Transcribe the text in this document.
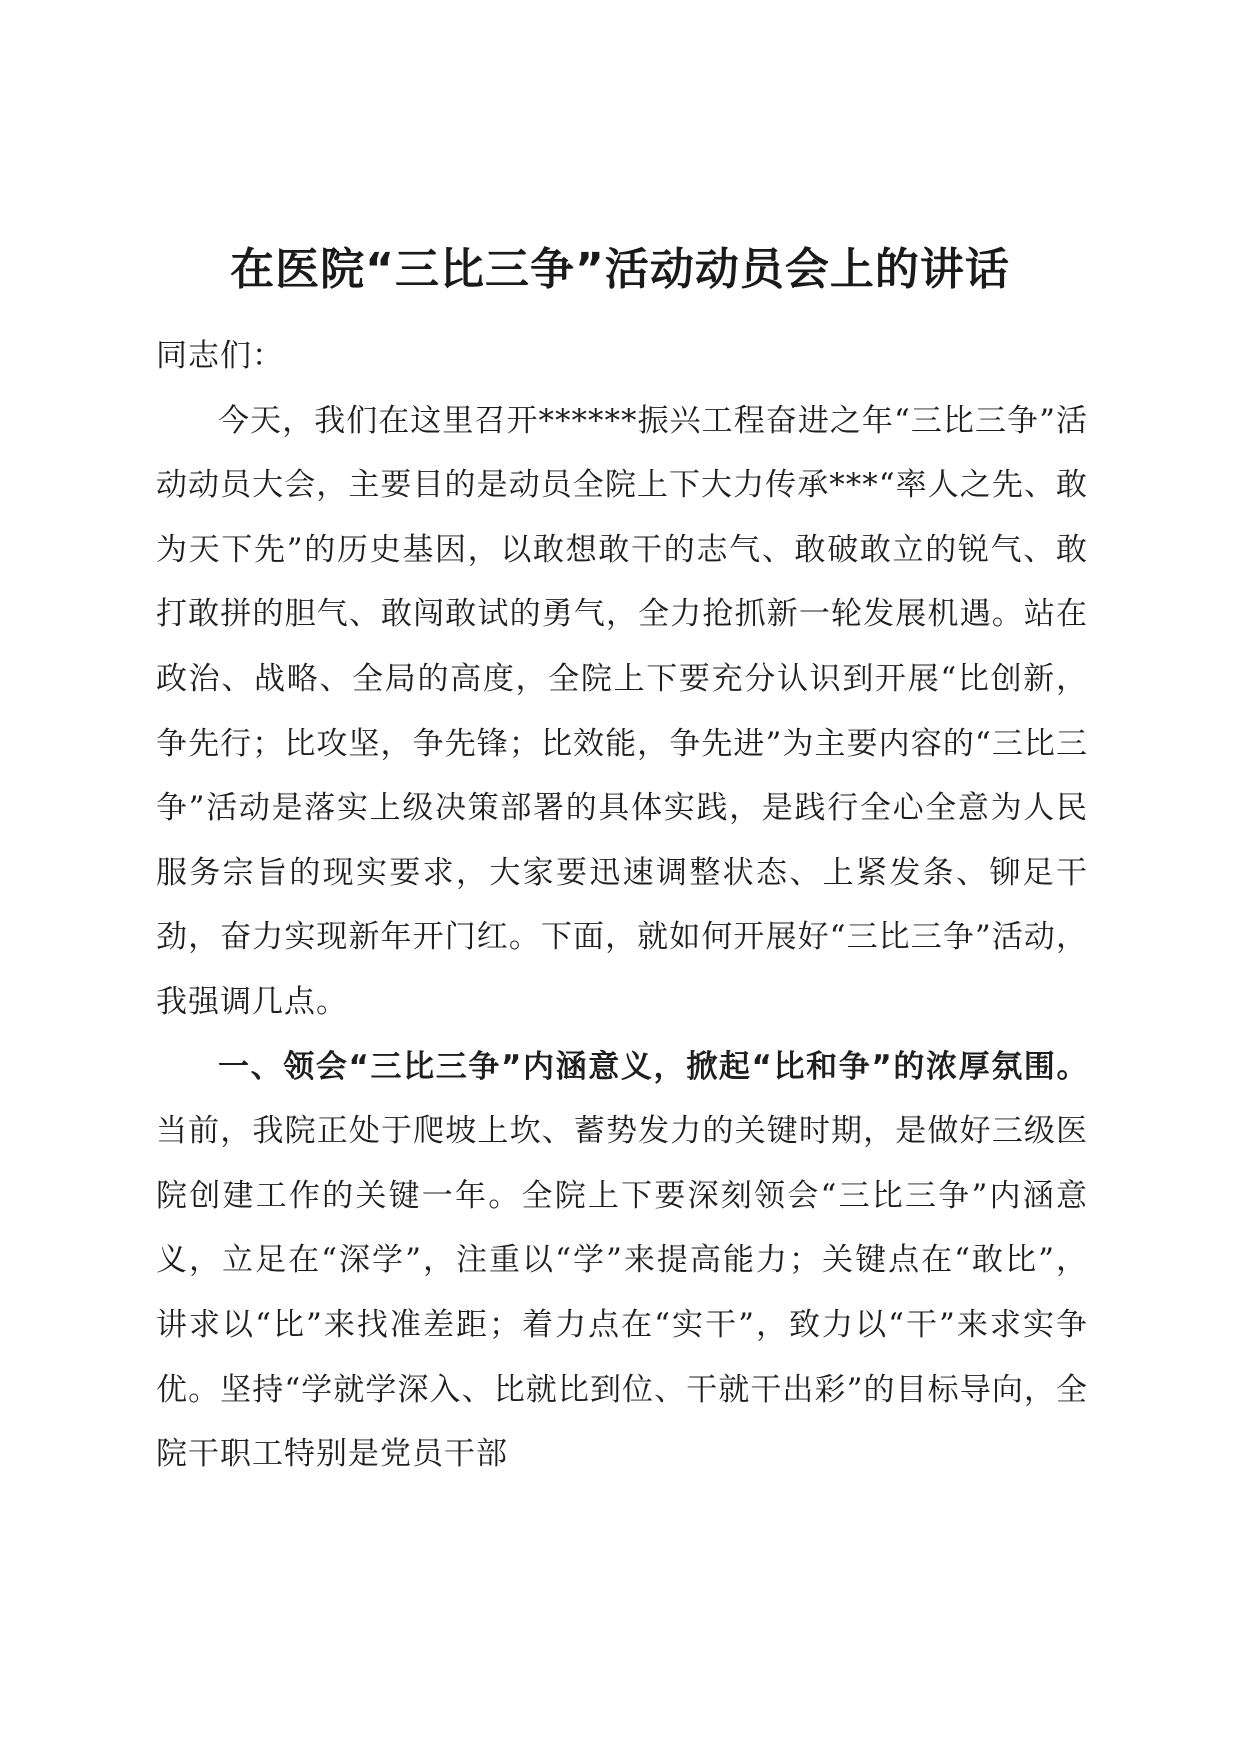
在医院“三比三争”活动动员会上的讲话

同志们：

今天，我们在这里召开******振兴工程奋进之年“三比三争”活动动员大会，主要目的是动员全院上下大力传承***“率人之先、敢为天下先”的历史基因，以敢想敢干的志气、敢破敢立的锐气、敢打敢拼的胆气、敢闯敢试的勇气，全力抢抓新一轮发展机遇。站在政治、战略、全局的高度，全院上下要充分认识到开展“比创新，争先行；比攻坚，争先锋；比效能，争先进”为主要内容的“三比三争”活动是落实上级决策部署的具体实践，是践行全心全意为人民服务宗旨的现实要求，大家要迅速调整状态、上紧发条、铆足干劲，奋力实现新年开门红。下面，就如何开展好“三比三争”活动，我强调几点。

一、领会“三比三争”内涵意义，掀起“比和争”的浓厚氛围。当前，我院正处于爬坡上坎、蓄势发力的关键时期，是做好三级医院创建工作的关键一年。全院上下要深刻领会“三比三争”内涵意义，立足在“深学”，注重以“学”来提高能力；关键点在“敢比”，讲求以“比”来找准差距；着力点在“实干”，致力以“干”来求实争优。坚持“学就学深入、比就比到位、干就干出彩”的目标导向，全院干职工特别是党员干部
